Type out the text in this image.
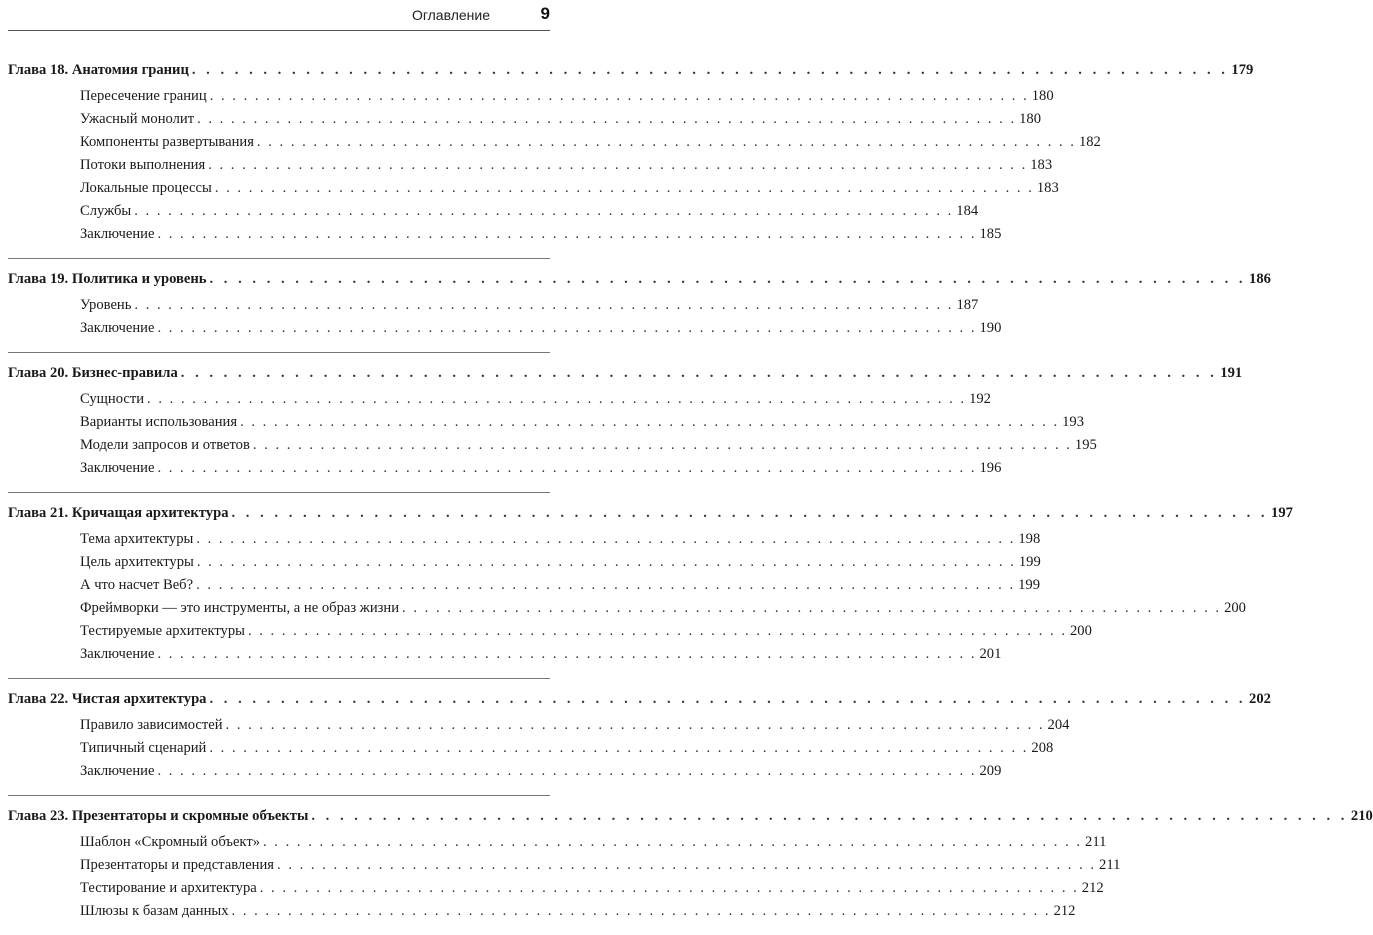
Оглавление	9
Глава 18. Анатомия границ . . . . . . . . . . . . . . . . . . . . . . . . . . . . . . . . . . . . . . . . . . . . . . . . . . . . . . . . . . . . . . . . . . . . . . . . . 179
Пересечение границ . . . . . . . . . . . . . . . . . . . . . . . . . . . . . . . . . . . . . . . . . . . . . . . . . . . . . . . . . . . . . . . . . . . . . . . . . 180
Ужасный монолит . . . . . . . . . . . . . . . . . . . . . . . . . . . . . . . . . . . . . . . . . . . . . . . . . . . . . . . . . . . . . . . . . . . . . . . . . 180
Компоненты развертывания . . . . . . . . . . . . . . . . . . . . . . . . . . . . . . . . . . . . . . . . . . . . . . . . . . . . . . . . . . . . . . . . . . . . . . . . . 182
Потоки выполнения . . . . . . . . . . . . . . . . . . . . . . . . . . . . . . . . . . . . . . . . . . . . . . . . . . . . . . . . . . . . . . . . . . . . . . . . . 183
Локальные процессы . . . . . . . . . . . . . . . . . . . . . . . . . . . . . . . . . . . . . . . . . . . . . . . . . . . . . . . . . . . . . . . . . . . . . . . . . 183
Службы . . . . . . . . . . . . . . . . . . . . . . . . . . . . . . . . . . . . . . . . . . . . . . . . . . . . . . . . . . . . . . . . . . . . . . . . . 184
Заключение . . . . . . . . . . . . . . . . . . . . . . . . . . . . . . . . . . . . . . . . . . . . . . . . . . . . . . . . . . . . . . . . . . . . . . . . . 185
Глава 19. Политика и уровень . . . . . . . . . . . . . . . . . . . . . . . . . . . . . . . . . . . . . . . . . . . . . . . . . . . . . . . . . . . . . . . . . . . . . . . . . 186
Уровень . . . . . . . . . . . . . . . . . . . . . . . . . . . . . . . . . . . . . . . . . . . . . . . . . . . . . . . . . . . . . . . . . . . . . . . . . 187
Заключение . . . . . . . . . . . . . . . . . . . . . . . . . . . . . . . . . . . . . . . . . . . . . . . . . . . . . . . . . . . . . . . . . . . . . . . . . 190
Глава 20. Бизнес-правила . . . . . . . . . . . . . . . . . . . . . . . . . . . . . . . . . . . . . . . . . . . . . . . . . . . . . . . . . . . . . . . . . . . . . . . . . 191
Сущности . . . . . . . . . . . . . . . . . . . . . . . . . . . . . . . . . . . . . . . . . . . . . . . . . . . . . . . . . . . . . . . . . . . . . . . . . 192
Варианты использования . . . . . . . . . . . . . . . . . . . . . . . . . . . . . . . . . . . . . . . . . . . . . . . . . . . . . . . . . . . . . . . . . . . . . . . . . 193
Модели запросов и ответов . . . . . . . . . . . . . . . . . . . . . . . . . . . . . . . . . . . . . . . . . . . . . . . . . . . . . . . . . . . . . . . . . . . . . . . . . 195
Заключение . . . . . . . . . . . . . . . . . . . . . . . . . . . . . . . . . . . . . . . . . . . . . . . . . . . . . . . . . . . . . . . . . . . . . . . . . 196
Глава 21. Кричащая архитектура . . . . . . . . . . . . . . . . . . . . . . . . . . . . . . . . . . . . . . . . . . . . . . . . . . . . . . . . . . . . . . . . . . . . . . . . . 197
Тема архитектуры . . . . . . . . . . . . . . . . . . . . . . . . . . . . . . . . . . . . . . . . . . . . . . . . . . . . . . . . . . . . . . . . . . . . . . . . . 198
Цель архитектуры . . . . . . . . . . . . . . . . . . . . . . . . . . . . . . . . . . . . . . . . . . . . . . . . . . . . . . . . . . . . . . . . . . . . . . . . . 199
А что насчет Веб? . . . . . . . . . . . . . . . . . . . . . . . . . . . . . . . . . . . . . . . . . . . . . . . . . . . . . . . . . . . . . . . . . . . . . . . . . 199
Фреймворки — это инструменты, а не образ жизни . . . . . . . . . . . . . . . . . . . . . . . . . . . . . . . . . . . . . . . . . . . . . . . . . . . . . . . . . . . . . . . . . . . . . . . . . 200
Тестируемые архитектуры . . . . . . . . . . . . . . . . . . . . . . . . . . . . . . . . . . . . . . . . . . . . . . . . . . . . . . . . . . . . . . . . . . . . . . . . . 200
Заключение . . . . . . . . . . . . . . . . . . . . . . . . . . . . . . . . . . . . . . . . . . . . . . . . . . . . . . . . . . . . . . . . . . . . . . . . . 201
Глава 22. Чистая архитектура . . . . . . . . . . . . . . . . . . . . . . . . . . . . . . . . . . . . . . . . . . . . . . . . . . . . . . . . . . . . . . . . . . . . . . . . . 202
Правило зависимостей . . . . . . . . . . . . . . . . . . . . . . . . . . . . . . . . . . . . . . . . . . . . . . . . . . . . . . . . . . . . . . . . . . . . . . . . . 204
Типичный сценарий . . . . . . . . . . . . . . . . . . . . . . . . . . . . . . . . . . . . . . . . . . . . . . . . . . . . . . . . . . . . . . . . . . . . . . . . . 208
Заключение . . . . . . . . . . . . . . . . . . . . . . . . . . . . . . . . . . . . . . . . . . . . . . . . . . . . . . . . . . . . . . . . . . . . . . . . . 209
Глава 23. Презентаторы и скромные объекты . . . . . . . . . . . . . . . . . . . . . . . . . . . . . . . . . . . . . . . . . . . . . . . . . . . . . . . . . . . . . . . . . . . . . . . . . 210
Шаблон «Скромный объект» . . . . . . . . . . . . . . . . . . . . . . . . . . . . . . . . . . . . . . . . . . . . . . . . . . . . . . . . . . . . . . . . . . . . . . . . . 211
Презентаторы и представления . . . . . . . . . . . . . . . . . . . . . . . . . . . . . . . . . . . . . . . . . . . . . . . . . . . . . . . . . . . . . . . . . . . . . . . . . 211
Тестирование и архитектура . . . . . . . . . . . . . . . . . . . . . . . . . . . . . . . . . . . . . . . . . . . . . . . . . . . . . . . . . . . . . . . . . . . . . . . . . 212
Шлюзы к базам данных . . . . . . . . . . . . . . . . . . . . . . . . . . . . . . . . . . . . . . . . . . . . . . . . . . . . . . . . . . . . . . . . . . . . . . . . . 212
